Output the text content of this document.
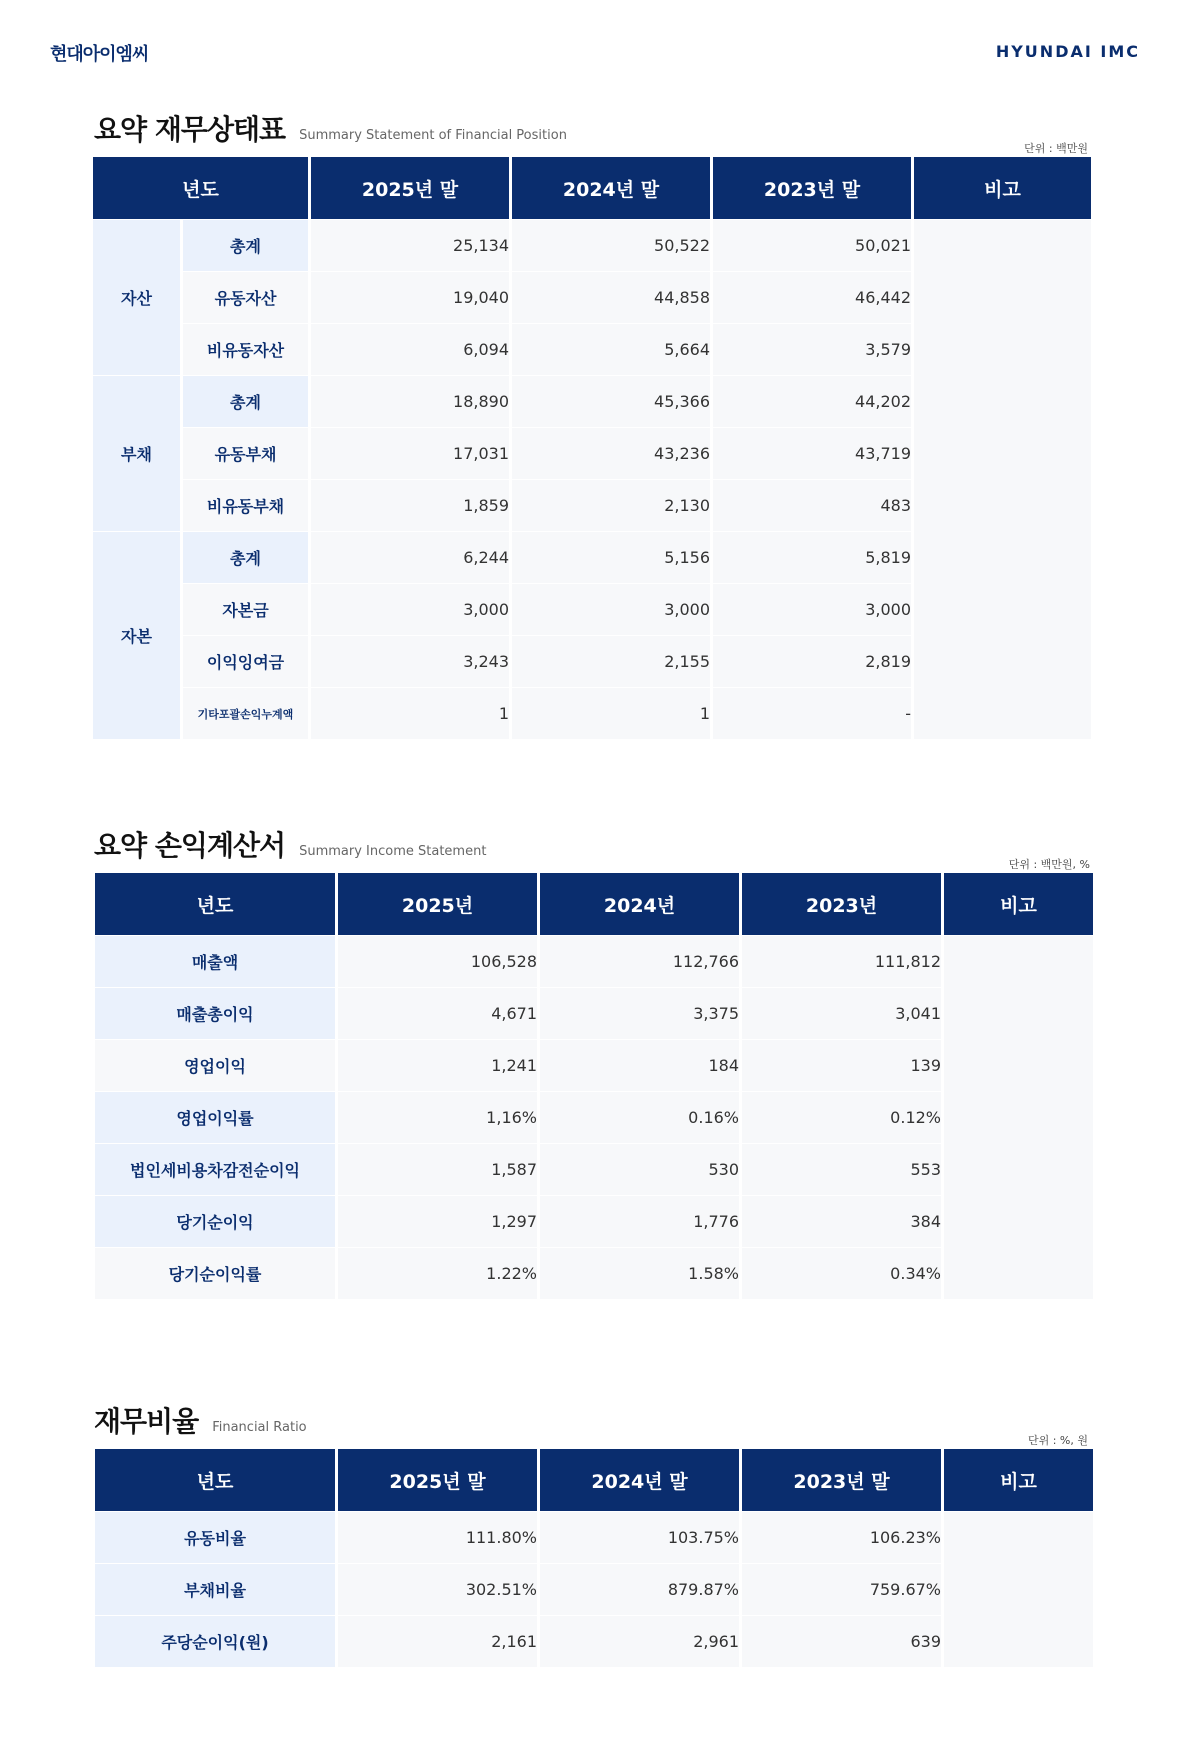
현대아이엠씨	HYUNDAI IMC
요약 재무상태표 Summary Statement of Financial Position
단위 : 백만원
년도		2025년 말	2024년 말	2023년 말	비고
자산	총계	25,134	50,522	50,021	
	유동자산	19,040	44,858	46,442	
	비유동자산	6,094	5,664	3,579	
부채	총계	18,890	45,366	44,202	
	유동부채	17,031	43,236	43,719	
	비유동부채	1,859	2,130	483	
자본	총계	6,244	5,156	5,819	
	자본금	3,000	3,000	3,000	
	이익잉여금	3,243	2,155	2,819	
	기타포괄손익누계액	1	1	-	
요약 손익계산서 Summary Income Statement
단위 : 백만원, %
년도	2025년	2024년	2023년	비고
매출액	106,528	112,766	111,812	
매출총이익	4,671	3,375	3,041	
영업이익	1,241	184	139	
영업이익률	1,16%	0.16%	0.12%	
법인세비용차감전순이익	1,587	530	553	
당기순이익	1,297	1,776	384	
당기순이익률	1.22%	1.58%	0.34%	
재무비율 Financial Ratio
단위 : %, 원
년도	2025년 말	2024년 말	2023년 말	비고
유동비율	111.80%	103.75%	106.23%	
부채비율	302.51%	879.87%	759.67%	
주당순이익(원)	2,161	2,961	639	
